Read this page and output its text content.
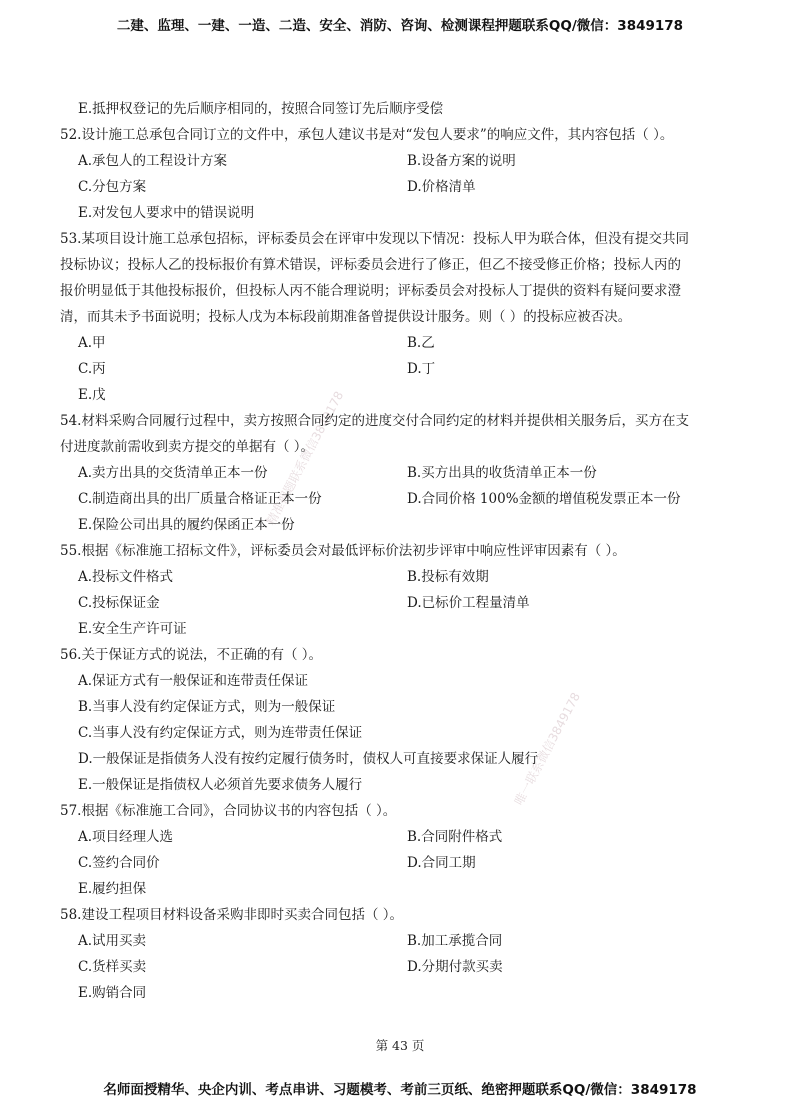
二建、监理、一建、一造、二造、安全、消防、咨询、检测课程押题联系QQ/微信：3849178
精准押题联系微信3849178
唯一联系微信3849178
E.抵押权登记的先后顺序相同的，按照合同签订先后顺序受偿
52.设计施工总承包合同订立的文件中，承包人建议书是对“发包人要求”的响应文件，其内容包括（ ）。
A.承包人的工程设计方案	B.设备方案的说明
C.分包方案	D.价格清单
E.对发包人要求中的错误说明
53.某项目设计施工总承包招标，评标委员会在评审中发现以下情况：投标人甲为联合体，但没有提交共同
投标协议；投标人乙的投标报价有算术错误，评标委员会进行了修正，但乙不接受修正价格；投标人丙的
报价明显低于其他投标报价，但投标人丙不能合理说明；评标委员会对投标人丁提供的资料有疑问要求澄
清，而其未予书面说明；投标人戊为本标段前期准备曾提供设计服务。则（ ）的投标应被否决。
A.甲	B.乙
C.丙	D.丁
E.戊
54.材料采购合同履行过程中，卖方按照合同约定的进度交付合同约定的材料并提供相关服务后，买方在支
付进度款前需收到卖方提交的单据有（ ）。
A.卖方出具的交货清单正本一份	B.买方出具的收货清单正本一份
C.制造商出具的出厂质量合格证正本一份	D.合同价格 100%金额的增值税发票正本一份
E.保险公司出具的履约保函正本一份
55.根据《标准施工招标文件》，评标委员会对最低评标价法初步评审中响应性评审因素有（ ）。
A.投标文件格式	B.投标有效期
C.投标保证金	D.已标价工程量清单
E.安全生产许可证
56.关于保证方式的说法，不正确的有（ ）。
A.保证方式有一般保证和连带责任保证
B.当事人没有约定保证方式，则为一般保证
C.当事人没有约定保证方式，则为连带责任保证
D.一般保证是指债务人没有按约定履行债务时，债权人可直接要求保证人履行
E.一般保证是指债权人必须首先要求债务人履行
57.根据《标准施工合同》，合同协议书的内容包括（ ）。
A.项目经理人选	B.合同附件格式
C.签约合同价	D.合同工期
E.履约担保
58.建设工程项目材料设备采购非即时买卖合同包括（ ）。
A.试用买卖	B.加工承揽合同
C.货样买卖	D.分期付款买卖
E.购销合同
第 43 页
名师面授精华、央企内训、考点串讲、习题模考、考前三页纸、绝密押题联系QQ/微信：3849178
